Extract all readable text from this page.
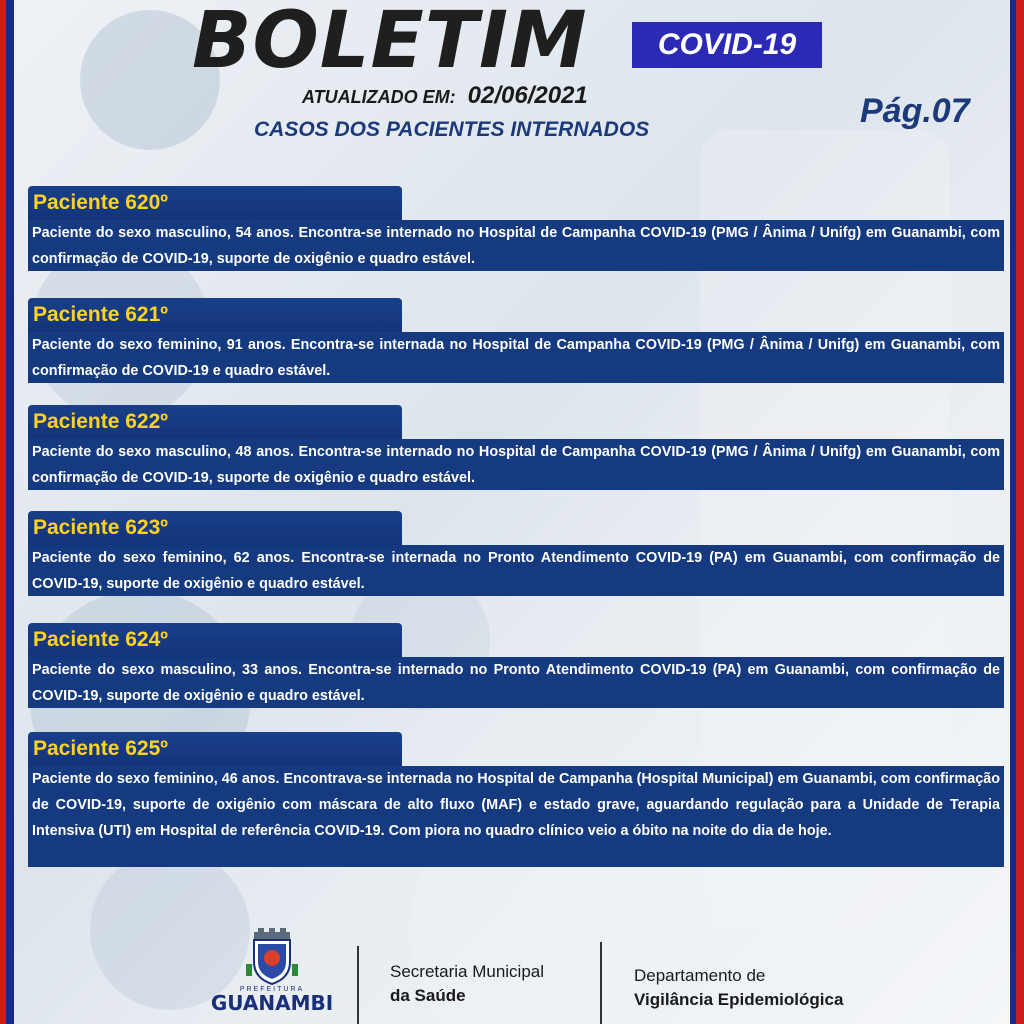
BOLETIM	COVID-19
ATUALIZADO EM: 02/06/2021
CASOS DOS PACIENTES INTERNADOS	Pág.07
Paciente 620º
Paciente do sexo masculino, 54 anos. Encontra-se internado no Hospital de Campanha COVID-19 (PMG / Ânima / Unifg) em Guanambi, com confirmação de COVID-19, suporte de oxigênio e quadro estável.
Paciente 621º
Paciente do sexo feminino, 91 anos. Encontra-se internada no Hospital de Campanha COVID-19 (PMG / Ânima / Unifg) em Guanambi, com confirmação de COVID-19 e quadro estável.
Paciente 622º
Paciente do sexo masculino, 48 anos. Encontra-se internado no Hospital de Campanha COVID-19 (PMG / Ânima / Unifg) em Guanambi, com confirmação de COVID-19, suporte de oxigênio e quadro estável.
Paciente 623º
Paciente do sexo feminino, 62 anos. Encontra-se internada no Pronto Atendimento COVID-19 (PA) em Guanambi, com confirmação de COVID-19, suporte de oxigênio e quadro estável.
Paciente 624º
Paciente do sexo masculino, 33 anos. Encontra-se internado no Pronto Atendimento COVID-19 (PA) em Guanambi, com confirmação de COVID-19, suporte de oxigênio e quadro estável.
Paciente 625º
Paciente do sexo feminino, 46 anos. Encontrava-se internada no Hospital de Campanha (Hospital Municipal) em Guanambi, com confirmação de COVID-19, suporte de oxigênio com máscara de alto fluxo (MAF) e estado grave, aguardando regulação para a Unidade de Terapia Intensiva (UTI) em Hospital de referência COVID-19. Com piora no quadro clínico veio a óbito na noite do dia de hoje.
PREFEITURA
GUANAMBI
Secretaria Municipal
da Saúde
Departamento de
Vigilância Epidemiológica
